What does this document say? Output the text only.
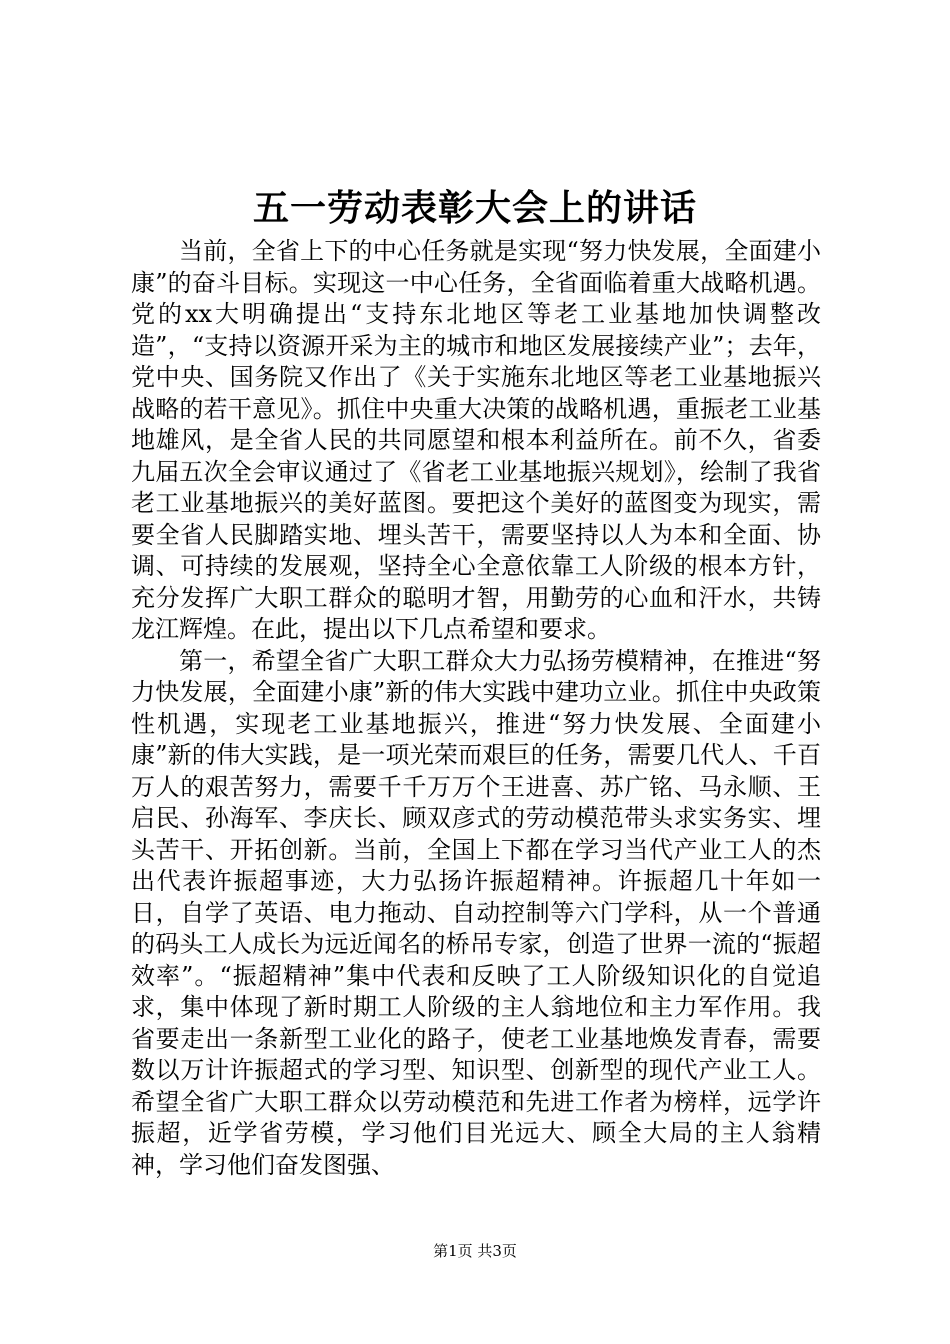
五一劳动表彰大会上的讲话

当前，全省上下的中心任务就是实现“努力快发展，全面建小康”的奋斗目标。实现这一中心任务，全省面临着重大战略机遇。党的xx大明确提出“支持东北地区等老工业基地加快调整改造”，“支持以资源开采为主的城市和地区发展接续产业”；去年，党中央、国务院又作出了《关于实施东北地区等老工业基地振兴战略的若干意见》。抓住中央重大决策的战略机遇，重振老工业基地雄风，是全省人民的共同愿望和根本利益所在。前不久，省委九届五次全会审议通过了《省老工业基地振兴规划》，绘制了我省老工业基地振兴的美好蓝图。要把这个美好的蓝图变为现实，需要全省人民脚踏实地、埋头苦干，需要坚持以人为本和全面、协调、可持续的发展观，坚持全心全意依靠工人阶级的根本方针，充分发挥广大职工群众的聪明才智，用勤劳的心血和汗水，共铸龙江辉煌。在此，提出以下几点希望和要求。

第一，希望全省广大职工群众大力弘扬劳模精神，在推进“努力快发展，全面建小康”新的伟大实践中建功立业。抓住中央政策性机遇，实现老工业基地振兴，推进“努力快发展、全面建小康”新的伟大实践，是一项光荣而艰巨的任务，需要几代人、千百万人的艰苦努力，需要千千万万个王进喜、苏广铭、马永顺、王启民、孙海军、李庆长、顾双彦式的劳动模范带头求实务实、埋头苦干、开拓创新。当前，全国上下都在学习当代产业工人的杰出代表许振超事迹，大力弘扬许振超精神。许振超几十年如一日，自学了英语、电力拖动、自动控制等六门学科，从一个普通的码头工人成长为远近闻名的桥吊专家，创造了世界一流的“振超效率”。“振超精神”集中代表和反映了工人阶级知识化的自觉追求，集中体现了新时期工人阶级的主人翁地位和主力军作用。我省要走出一条新型工业化的路子，使老工业基地焕发青春，需要数以万计许振超式的学习型、知识型、创新型的现代产业工人。希望全省广大职工群众以劳动模范和先进工作者为榜样，远学许振超，近学省劳模，学习他们目光远大、顾全大局的主人翁精神，学习他们奋发图强、

第1页 共3页
